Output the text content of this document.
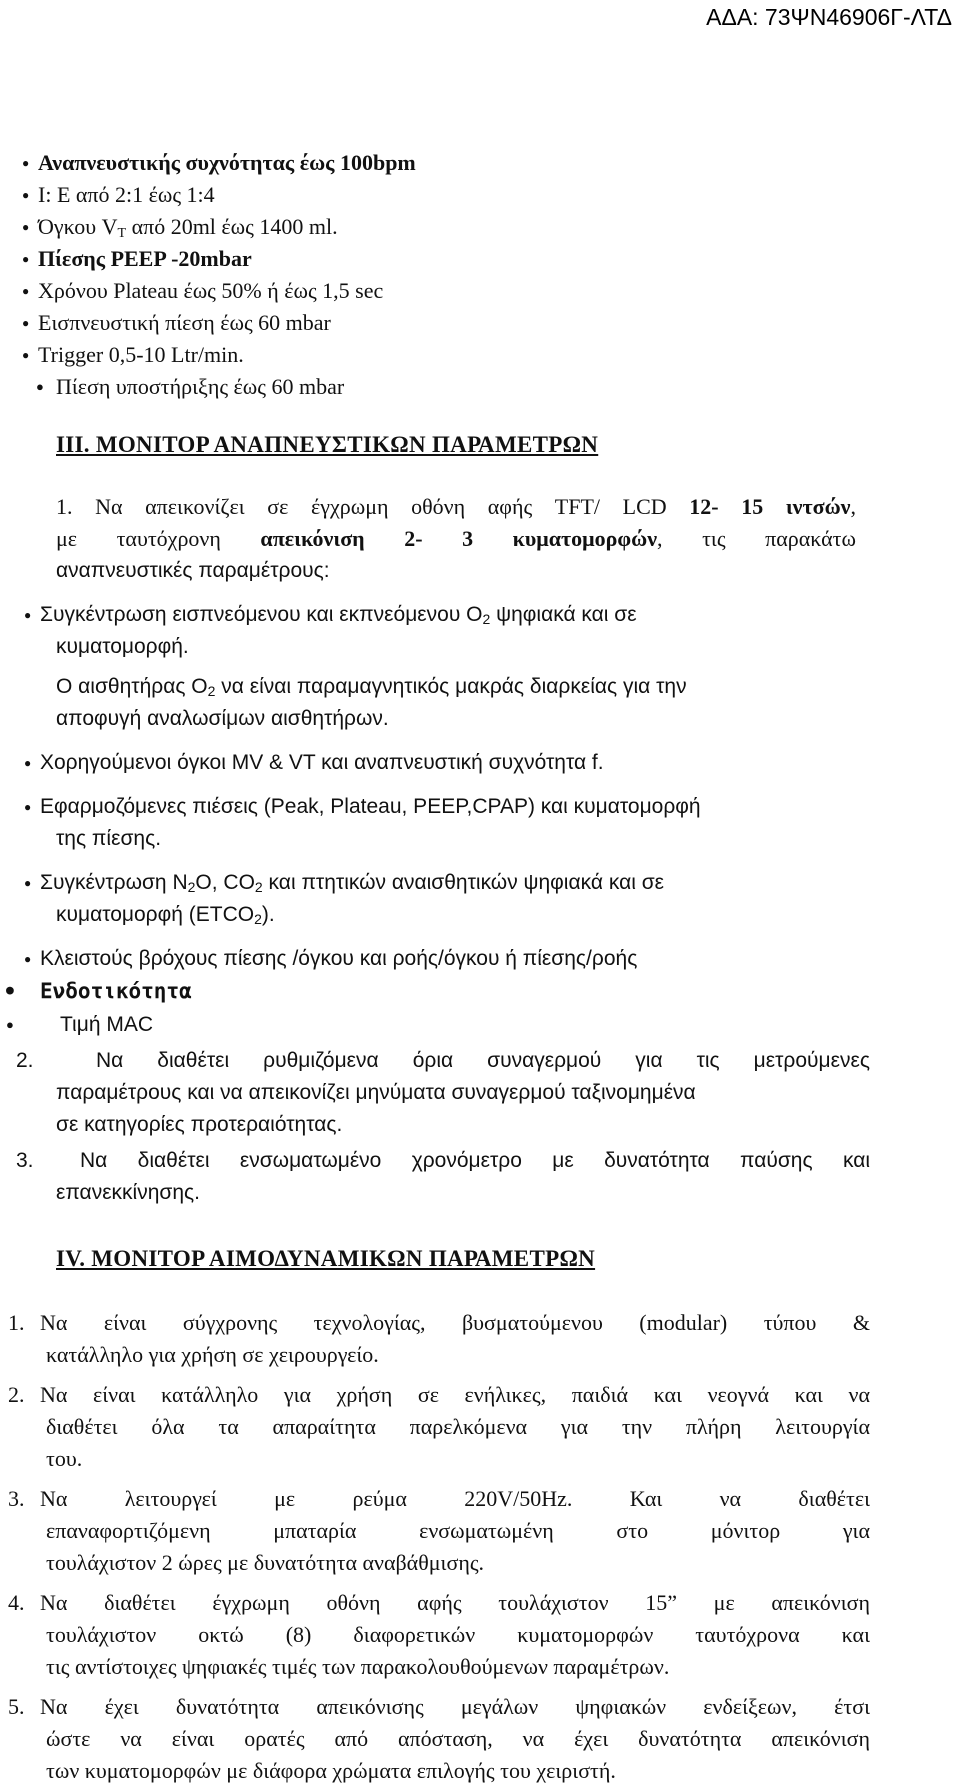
ΑΔΑ: 73ΨΝ46906Γ-ΛΤΔ
● Αναπνευστικής συχνότητας έως 100bpm
● I: E από 2:1 έως 1:4
● Όγκου $V_T$ από 20ml έως 1400 ml.
● Πίεσης PEEP -20mbar
● Χρόνου Plateau έως 50% ή έως 1,5 sec
● Εισπνευστική πίεση έως 60 mbar
● Trigger 0,5-10 Ltr/min.
● Πίεση υποστήριξης έως 60 mbar
III. ΜΟΝΙΤΟΡ ΑΝΑΠΝΕΥΣΤΙΚΩΝ ΠΑΡΑΜΕΤΡΩΝ
1. Να απεικονίζει σε έγχρωμη οθόνη αφής TFT/ LCD 12- 15 ιντσών,
με ταυτόχρονη απεικόνιση 2- 3 κυματομορφών, τις παρακάτω
αναπνευστικές παραμέτρους:
● Συγκέντρωση εισπνεόμενου και εκπνεόμενου $O_2$ ψηφιακά και σε
κυματομορφή.
Ο αισθητήρας $O_2$ να είναι παραμαγνητικός μακράς διαρκείας για την
αποφυγή αναλωσίμων αισθητήρων.
● Χορηγούμενοι όγκοι MV & VT και αναπνευστική συχνότητα f.
● Εφαρμοζόμενες πιέσεις (Peak, Plateau, PEEP,CPAP) και κυματομορφή
της πίεσης.
● Συγκέντρωση $N_2O$, $CO_2$ και πτητικών αναισθητικών ψηφιακά και σε
κυματομορφή $(ETCO_2)$.
● Κλειστούς βρόχους πίεσης /όγκου και ροής/όγκου ή πίεσης/ροής
● Ενδοτικότητα
● Τιμή MAC
2.	Να διαθέτει ρυθμιζόμενα όρια συναγερμού για τις μετρούμενες
παραμέτρους και να απεικονίζει μηνύματα συναγερμού ταξινομημένα
σε κατηγορίες προτεραιότητας.
3. Να διαθέτει ενσωματωμένο χρονόμετρο με δυνατότητα παύσης και
επανεκκίνησης.
IV. ΜΟΝΙΤΟΡ ΑΙΜΟΔΥΝΑΜΙΚΩΝ ΠΑΡΑΜΕΤΡΩΝ
1. Να είναι σύγχρονης τεχνολογίας, βυσματούμενου (modular) τύπου &
κατάλληλο για χρήση σε χειρουργείο.
2. Να είναι κατάλληλο για χρήση σε ενήλικες, παιδιά και νεογνά και να
διαθέτει όλα τα απαραίτητα παρελκόμενα για την πλήρη λειτουργία
του.
3. Να λειτουργεί με ρεύμα 220V/50Hz. Και να διαθέτει
επαναφορτιζόμενη μπαταρία ενσωματωμένη στο μόνιτορ για
τουλάχιστον 2 ώρες με δυνατότητα αναβάθμισης.
4. Να διαθέτει έγχρωμη οθόνη αφής τουλάχιστον 15” με απεικόνιση
τουλάχιστον οκτώ (8) διαφορετικών κυματομορφών ταυτόχρονα και
τις αντίστοιχες ψηφιακές τιμές των παρακολουθούμενων παραμέτρων.
5. Να έχει δυνατότητα απεικόνισης μεγάλων ψηφιακών ενδείξεων, έτσι
ώστε να είναι ορατές από απόσταση, να έχει δυνατότητα απεικόνιση
των κυματομορφών με διάφορα χρώματα επιλογής του χειριστή.
